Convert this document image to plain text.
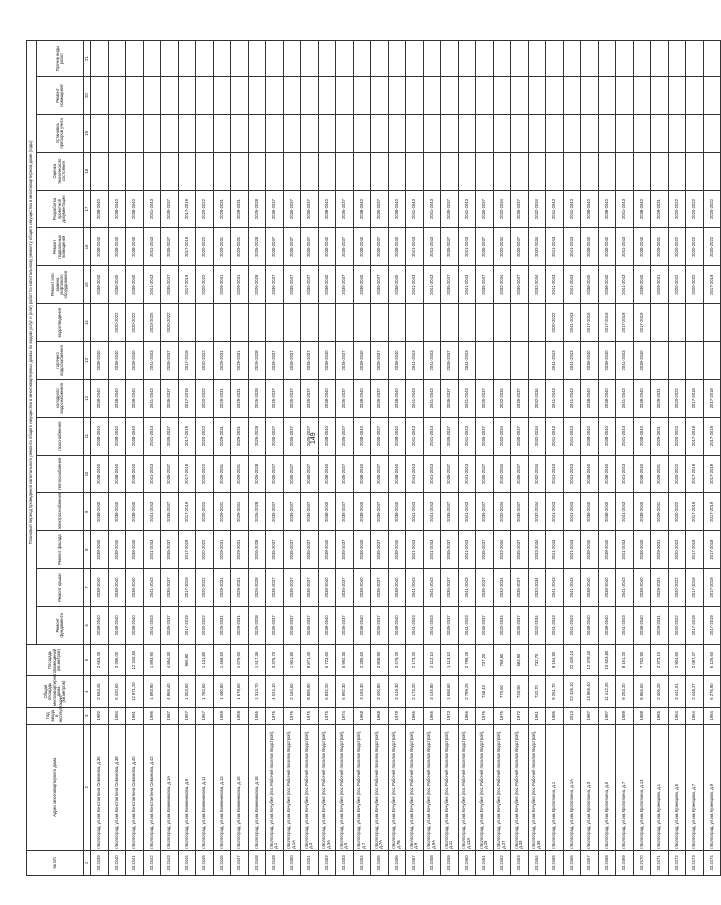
149
№ п/п	Адрес многоквартирного дома	Год ввода в эксплуатацию	Общая площадь многоквартирного дома (кв.метров)	Площадь помещений (кв.метров)	Плановый период проведения капитального ремонта общего имущества в многоквартирных домах по видам услуг и (или) работ по капитальному ремонту общего имущества в многоквартирном доме (годы)															
					Ремонт фундамента	Ремонт крыши	Ремонт фасада	электроснабжения	теплоснабжения	газоснабжения	холодного водоснабжения	горячего водоснабжения	водоотведения	Ремонт или замена лифтового оборудования	Ремонт подвальных помещений	Разработка проектной документации	Оценка технического состояния	Установка приборов учета	Ремонт помещений	Прочие виды работ
1	2	3	4	5	6	7	8	9	10	11	12	13	14	15	16	17	18	19	20	21
33.2439	г.Волгоград, ул.им.Константина Симонова, д.36	1992	2 653,45	2 653,45	2038-2040	2038-2040	2038-2040	2038-2040	2038-2040	2038-2040	2038-2040	2038-2040		2038-2040	2038-2040	2038-2040				
33.2440	г.Волгоград, ул.им.Константина Симонова, д.38	1994	5 420,60	3 296,00	2038-2040	2038-2040	2038-2040	2038-2040	2038-2040	2038-2040	2038-2040	2038-2040	2020-2022	2038-2040	2038-2040	2038-2040				
33.2441	г.Волгоград, ул.им.Константина Симонова, д.40	1991	12 871,20	12 245,50	2038-2040	2038-2040	2038-2040	2038-2040	2038-2040	2038-2040	2038-2040	2038-2040	2020-2022	2038-2040	2038-2040	2038-2040				
33.2442	г.Волгоград, ул.им.Константина Симонова, д.42	1996	1 893,90	1 893,90	2041-2043	2041-2043	2041-2043	2041-2043	2041-2043	2041-2043	2041-2043	2041-2043	2023-2025	2041-2043	2041-2043	2041-2043				
33.2443	г.Волгоград, ул.им.Кожевникова, д.1А	1987	4 869,40	4 864,30	2035-2037	2035-2037	2035-2037	2035-2037	2035-2037	2035-2037	2035-2037	2035-2037	2020-2022	2035-2037	2035-2037	2035-2037				
33.2444	г.Волгоград, ул.им.Кожевникова, д.9	1957	1 003,60	966,90	2017-2019	2017-2019	2017-2019	2017-2019	2017-2019	2017-2019	2017-2019	2017-2019		2017-2019	2017-2019	2017-2019				
33.2445	г.Волгоград, ул.им.Кожевникова, д.11	1957	1 782,60	1 131,80	2020-2022	2020-2022	2020-2022	2020-2022	2020-2022	2020-2022	2020-2022	2020-2022		2020-2022	2020-2022	2020-2022				
33.2446	г.Волгоград, ул.им.Кожевникова, д.13	1959	1 480,80	1 468,60	2029-2031	2029-2031	2029-2031	2029-2031	2029-2031	2029-2031	2029-2031	2029-2031		2029-2031	2029-2031	2029-2031				
33.2447	г.Волгоград, ул.им.Кожевникова, д.15	1959	1 679,60	1 679,60	2029-2031	2029-2031	2029-2031	2029-2031	2029-2031	2029-2031	2029-2031	2029-2031		2029-2031	2029-2031	2029-2031				
33.2448	г.Волгоград, ул.им.Кожевникова, д.18	1956	1 313,70	1 517,36	2026-2028	2026-2028	2026-2028	2026-2028	2026-2028	2026-2028	2026-2028	2026-2028		2026-2028	2026-2028	2026-2028				
33.2449	г.Волгоград, ул.им.Кочубея (пос.Рабочий поселок Водстрой), д.1	1976	4 024,10	3 376,70	2035-2037	2035-2037	2035-2037	2035-2037	2035-2037	2035-2037	2035-2037	2035-2037		2035-2037	2035-2037	2035-2037				
33.2450	г.Волгоград, ул.им.Кочубея (пос.Рабочий поселок Водстрой), д.1А	1976	2 184,60	1 901,90	2035-2037	2035-2037	2035-2037	2035-2037	2035-2037	2035-2037	2035-2037	2035-2037		2035-2037	2035-2037	2035-2037				
33.2451	г.Волгоград, ул.им.Кочубея (пос.Рабочий поселок Водстрой), д.3	1975	8 895,90	8 871,40	2035-2037	2035-2037	2035-2037	2035-2037	2035-2037	2035-2037	2035-2037	2035-2037		2035-2037	2035-2037	2035-2037				
33.2452	г.Волгоград, ул.им.Кочубея (пос.Рабочий поселок Водстрой), д.3А	1975	6 832,20	6 723,60	2038-2040	2038-2040	2038-2040	2038-2040	2038-2040	2038-2040	2038-2040	2038-2040		2038-2040	2038-2040	2038-2040				
33.2453	г.Волгоград, ул.им.Кочубея (пос.Рабочий поселок Водстрой), д.5	1974	5 992,30	5 992,30	2035-2037	2035-2037	2035-2037	2035-2037	2035-2037	2035-2037	2035-2037	2035-2037		2035-2037	2035-2037	2035-2037				
33.2454	г.Волгоград, ул.им.Кочубея (пос.Рабочий поселок Водстрой), д.7	1968	3 193,30	2 285,60	2038-2040	2038-2040	2038-2040	2038-2040	2038-2040	2038-2040	2038-2040	2038-2040		2038-2040	2038-2040	2038-2040				
33.2455	г.Волгоград, ул.им.Кочубея (пос.Рабочий поселок Водстрой), д.7А	1968	3 400,80	2 808,90	2035-2037	2035-2037	2035-2037	2035-2037	2035-2037	2035-2037	2035-2037	2035-2037		2035-2037	2035-2037	2035-2037				
33.2456	г.Волгоград, ул.им.Кочубея (пос.Рабочий поселок Водстрой), д.7Б	1978	3 419,30	3 479,20	2038-2040	2038-2040	2038-2040	2038-2040	2038-2040	2038-2040	2038-2040	2038-2040		2038-2040	2038-2040	2038-2040				
33.2457	г.Волгоград, ул.им.Кочубея (пос.Рабочий поселок Водстрой), д.9	1966	2 173,20	2 173,20	2041-2043	2041-2043	2041-2043	2041-2043	2041-2043	2041-2043	2041-2043	2041-2043		2041-2043	2041-2043	2041-2043				
33.2458	г.Волгоград, ул.им.Кочубея (пос.Рабочий поселок Водстрой), д.9А	1966	3 145,80	2 112,10	2041-2043	2041-2043	2041-2043	2041-2043	2041-2043	2041-2043	2041-2043	2041-2043		2041-2043	2041-2043	2041-2043				
33.2459	г.Волгоград, ул.им.Кочубея (пос.Рабочий поселок Водстрой), д.11	1973	1 658,60	1 113,10	2035-2037	2035-2037	2035-2037	2035-2037	2035-2037	2035-2037	2035-2037	2035-2037		2035-2037	2035-2037	2035-2037				
33.2460	г.Волгоград, ул.им.Кочубея (пос.Рабочий поселок Водстрой), д.13А	1966	2 799,25	2 799,25	2041-2043	2041-2043	2041-2043	2041-2043	2041-2043	2041-2043	2041-2043	2041-2043		2041-2043	2041-2043	2041-2043				
33.2461	г.Волгоград, ул.им.Кочубея (пос.Рабочий поселок Водстрой), д.25	1976	738,43	737,20	2035-2037	2035-2037	2035-2037	2035-2037	2035-2037	2035-2037	2035-2037			2035-2037	2035-2037	2035-2037				
33.2462	г.Волгоград, ул.им.Кочубея (пос.Рабочий поселок Водстрой), д.27	1976	770,60	758,90	2032-2034	2032-2034	2032-2034	2032-2034	2032-2034	2032-2034	2032-2034			2032-2034	2032-2034	2032-2034				
33.2463	г.Волгоград, ул.им.Кочубея (пос.Рабочий поселок Водстрой), д.33	1972	733,90	683,90	2035-2037	2035-2037	2035-2037	2035-2037	2035-2037	2035-2037	2035-2037			2035-2037	2035-2037	2035-2037				
33.2464	г.Волгоград, ул.им.Кочубея (пос.Рабочий поселок Водстрой), д.35	1961	732,70	732,70	2032-2034	2032-2034	2032-2034	2032-2034	2032-2034	2032-2034	2032-2034			2032-2034	2032-2034	2032-2034				
33.2465	г.Волгоград, ул.им.Кропоткина, д.1	1986	9 261,70	8 154,90	2041-2043	2041-2043	2041-2043	2041-2043	2041-2043	2041-2043	2041-2043	2041-2043	2020-2022	2041-2043	2041-2043	2041-2043				
33.2466	г.Волгоград, ул.им.Кропоткина, д.1А	2013	22 426,10	22 426,10	2041-2043	2041-2043	2041-2043	2041-2043	2041-2043	2041-2043	2041-2043	2041-2043	2041-2043	2041-2043	2041-2043	2041-2043				
33.2467	г.Волгоград, ул.им.Кропоткина, д.3	1987	13 865,40	12 378,40	2038-2040	2038-2040	2038-2040	2038-2040	2038-2040	2038-2040	2038-2040	2038-2040	2017-2019	2038-2040	2038-2040	2038-2040				
33.2468	г.Волгоград, ул.им.Кропоткина, д.5	1987	11 412,20	10 603,80	2038-2040	2038-2040	2038-2040	2038-2040	2038-2040	2038-2040	2038-2040	2038-2040	2017-2019	2038-2040	2038-2040	2038-2040				
33.2469	г.Волгоград, ул.им.Кропоткина, д.7	1989	9 253,20	8 161,20	2041-2043	2041-2043	2041-2043	2041-2043	2041-2043	2041-2043	2041-2043	2041-2043	2017-2019	2041-2043	2041-2043	2041-2043				
33.2470	г.Волгоград, ул.им.Кропоткина, д.13	1988	8 866,60	7 752,90	2038-2040	2038-2040	2038-2040	2038-2040	2038-2040	2038-2040	2038-2040	2038-2040	2017-2019	2038-2040	2038-2040	2038-2040				
33.2471	г.Волгоград, ул.им.Кузнецова, д.1	1965	2 406,20	2 373,10	2029-2031	2029-2031	2029-2031	2029-2031	2029-2031	2029-2031	2029-2031			2029-2031	2029-2031	2029-2031				
33.2472	г.Волгоград, ул.им.Кузнецова, д.5	1964	3 441,51	2 904,60	2020-2022	2020-2022	2020-2022	2020-2022	2020-2022	2020-2022	2020-2022			2020-2022	2020-2022	2020-2022				
33.2473	г.Волгоград, ул.им.Кузнецова, д.7	1964	2 448,27	2 087,37	2017-2019	2017-2019	2017-2019	2017-2019	2017-2019	2017-2019	2017-2019			2020-2022	2020-2022	2020-2022				
33.2474	г.Волгоград, ул.им.Кузнецова, д.9	1964	6 276,90	6 125,60	2017-2019	2017-2019	2017-2019	2017-2019	2017-2019	2017-2019	2017-2019			2017-2019	2020-2022	2020-2022				
